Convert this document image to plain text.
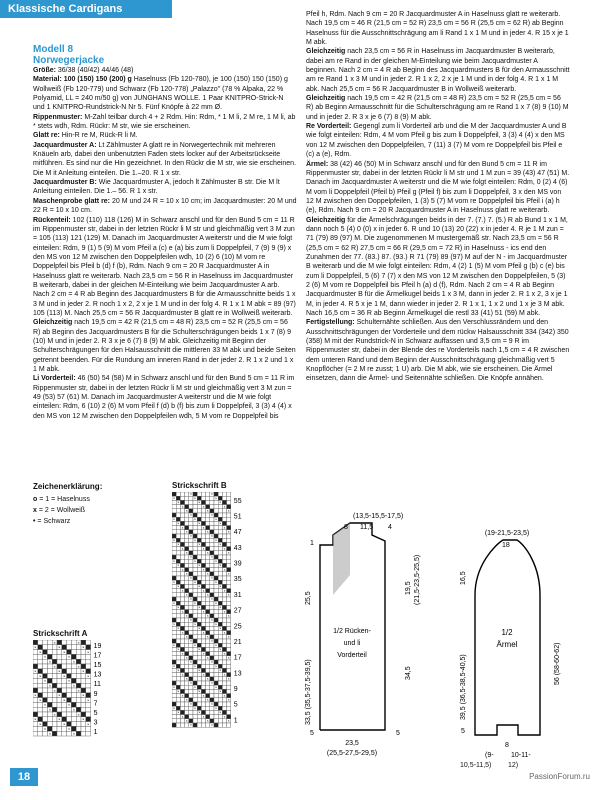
Klassische Cardigans
Modell 8
Norwegerjacke

Größe: 36/38 (40/42) 44/46 (48)

Material: 100 (150) 150 (200) g Haselnuss (Fb 120-780), je 100 (150) 150 (150) g Wollweiß (Fb 120-779) und Schwarz (Fb 120-778) „Palazzo" (78 % Alpaka, 22 % Polyamid, LL = 240 m/50 g) von JUNGHANS WOLLE. 1 Paar KNITPRO-Strick-N und 1 KNITPRO-Rundstrick-N Nr 5. Fünf Knöpfe à 22 mm Ø.

Rippenmuster: M-Zahl teilbar durch 4 + 2 Rdm. Hin: Rdm, * 1 M li, 2 M re, 1 M li, ab * stets wdh, Rdm. Rückr: M str, wie sie erscheinen.

Glatt re: Hin-R re M, Rück-R li M.

Jacquardmuster A: Lt Zählmuster A glatt re in Norwegertechnik mit mehreren Knäueln arb, dabei den unbenutzten Faden stets locker auf der Arbeitsrückseite mitführen. Es sind nur die Hin gezeichnet. In den Rückr die M str, wie sie erscheinen. Die M it Anleitung einteilen. Die 1.–20. R 1 x str.

Jacquardmuster B: Wie Jacquardmuster A, jedoch lt Zählmuster B str. Die M lt Anleitung einteilen. Die 1.– 56. R 1 x str.

Maschenprobe glatt re: 20 M und 24 R = 10 x 10 cm; im Jacquardmuster: 20 M und 22 R = 10 x 10 cm.

Rückenteil: 102 (110) 118 (126) M in Schwarz anschl und für den Bund 5 cm = 11 R im Rippenmuster str, dabei in der letzten Rückr li M str und gleichmäßig vert 3 M zun = 105 (113) 121 (129) M. Danach im Jacquardmuster A weiterstr und die M wie folgt einteilen: Rdm, 9 (1) 5 (9) M vom Pfeil a (c) e (a) bis zum li Doppelpfeil, 7 (9) 9 (9) x den MS von 12 M zwischen den Doppelpfeilen wdh, 10 (2) 6 (10) M vom re Doppelpfeil bis Pfeil b (d) f (b), Rdm. Nach 9 cm = 20 R Jacquardmuster A in Haselnuss glatt re weiterarb. Nach 23,5 cm = 56 R in Haselnuss im Jacquardmuster B weiterarb, dabei in der gleichen M-Einteilung wie beim Jacquardmuster A arb. Nach 2 cm = 4 R ab Beginn des Jacquardmusters B für die Armausschnitte beids 1 x 3 M und in jeder 2. R noch 1 x 2, 2 x je 1 M und in der folg 4. R 1 x 1 M abk = 89 (97) 105 (113) M. Nach 25,5 cm = 56 R Jacquardmuster B glatt re in Wollweiß weiterarb.

Gleichzeitig nach 19,5 cm = 42 R (21,5 cm = 48 R) 23,5 cm = 52 R (25,5 cm = 56 R) ab Beginn des Jacquardmusters B für die Schulterschrägungen beids 1 x 7 (8) 9 (10) M und in jeder 2. R 3 x je 6 (7) 8 (9) M abk. Gleichzeitig mit Beginn der Schulterschrägungen für den Halsausschnitt die mittleren 33 M abk und beide Seiten getrennt beenden. Für die Rundung am inneren Rand in der jeder 2. R 1 x 2 und 1 x 1 M abk.

Li Vorderteil: 46 (50) 54 (58) M in Schwarz anschl und für den Bund 5 cm = 11 R im Rippenmuster str, dabei in der letzten Rückr li M str und gleichmäßig vert 3 M zun = 49 (53) 57 (61) M. Danach im Jacquardmuster A weiterstr und die M wie folgt einteilen: Rdm, 6 (10) 2 (6) M vom Pfeil f (d) b (f) bis zum li Doppelpfeil, 3 (3) 4 (4) x den MS von 12 M zwischen den Doppelpfeilen wdh, 5 M vom re Doppelpfeil bis

Pfeil h, Rdm. Nach 9 cm = 20 R Jacquardmuster A in Haselnuss glatt re weiterarb. Nach 19,5 cm = 46 R (21,5 cm = 52 R) 23,5 cm = 56 R (25,5 cm = 62 R) ab Beginn Haselnuss für die Ausschnittschrägung am li Rand 1 x 1 M und in jeder 4. R 15 x je 1 M abk.

Gleichzeitig nach 23,5 cm = 56 R in Haselnuss im Jacquardmuster B weiterarb, dabei am re Rand in der gleichen M-Einteilung wie beim Jacquardmuster A beginnen. Nach 2 cm = 4 R ab Beginn des Jacquardmusters B für den Armausschnitt am re Rand 1 x 3 M und in jeder 2. R 1 x 2, 2 x je 1 M und in der folg 4. R 1 x 1 M abk. Nach 25,5 cm = 56 R Jacquardmuster B in Wollweiß weiterarb.

Gleichzeitig nach 19,5 cm = 42 R (21,5 cm = 48 R) 23,5 cm = 52 R (25,5 cm = 56 R) ab Beginn Armausschnitt für die Schulterschrägung am re Rand 1 x 7 (8) 9 (10) M und in jeder 2. R 3 x je 6 (7) 8 (9) M abk.

Re Vorderteil: Gegengl zum li Vorderteil arb und die M der Jacquardmuster A und B wie folgt einteilen: Rdm, 4 M vom Pfeil g bis zum li Doppelpfeil, 3 (3) 4 (4) x den MS von 12 M zwischen den Doppelpfeilen, 7 (11) 3 (7) M vom re Doppelpfeil bis Pfeil e (c) a (e), Rdm.

Ärmel: 38 (42) 46 (50) M in Schwarz anschl und für den Bund 5 cm = 11 R im Rippenmuster str, dabei in der letzten Rückr li M str und 1 M zun = 39 (43) 47 (51) M. Danach im Jacquardmuster A weiterstr und die M wie folgt einteilen: Rdm, 0 (2) 4 (6) M vom li Doppelpfeil (Pfeil b) Pfeil g (Pfeil f) bis zum li Doppelpfeil, 3 x den MS von 12 M zwischen den Doppelpfeilen, 1 (3) 5 (7) M vom re Doppelpfeil bis Pfeil i (a) h (e), Rdm. Nach 9 cm = 20 R Jacquardmuster A in Haselnuss glatt re weiterarb.

Gleichzeitig für die Ärmelschrägungen beids in der 7. (7.) 7. (5.) R ab Bund 1 x 1 M, dann noch 5 (4) 0 (0) x in jeder 6. R und 10 (13) 20 (22) x in jeder 4. R je 1 M zun = 71 (79) 89 (97) M. Die zugenommenen M mustergemäß str. Nach 23,5 cm = 56 R (25,5 cm = 62 R) 27,5 cm = 66 R (29,5 cm = 72 R) in Haselnuss - ics end den Zunahmen der 77. (83.) 87. (93.) R 71 (79) 89 (97) M auf der N - im Jacquardmuster B weiterarb und die M wie folgt einteilen: Rdm, 4 (2) 1 (5) M vom Pfeil g (b) c (e) bis zum li Doppelpfeil, 5 (6) 7 (7) x den MS von 12 M zwischen den Doppelpfeilen, 5 (3) 2 (6) M vom re Doppelpfeil bis Pfeil h (a) d (f), Rdm. Nach 2 cm = 4 R ab Beginn Jacquardmuster B für die Ärmelkugel beids 1 x 3 M, dann in jeder 2. R 1 x 2, 3 x je 1 M, in jeder 4. R 5 x je 1 M, dann wieder in jeder 2. R 1 x 1, 1 x 2 und 1 x je 3 M abk. Nach 16,5 cm = 36 R ab Beginn Ärmelkugel die restl 33 (41) 51 (59) M abk.

Fertigstellung: Schulternähte schließen. Aus den Verschlussrändern und den Ausschnittschrägungen der Vorderteile und dem rückw Halsausschnitt 334 (342) 350 (358) M mit der Rundstrick-N in Schwarz auffassen und 3,5 cm = 9 R im Rippenmuster str, dabei in der Blende des re Vorderteils nach 1,5 cm = 4 R zwischen dem unteren Rand und dem Beginn der Ausschnittschrägung gleichmäßig vert 5 Knopflöcher (= 2 M re zusst; 1 U) arb. Die M abk, wie sie erscheinen. Die Ärmel einsetzen, dann die Ärmel- und Seitennähte schließen. Die Knöpfe annähen.

Zeichenerklärung:
o = 1 = Haselnuss
x = 2 = Wollweiß
• = Schwarz
Strickschrift A
×	×
×	×	×
×	×	×
×	×
×	×
×	×
×	×	×
×	×	×
×	×
×	×
×	×
×	×	×
×	×	×
×	×
×	×
×	×
×	×	×
×	×	×
×	×
×	×
19
17
15
13
11
9
7
5
3
1
Strickschrift B
×	×
×	×	×
×	×	×
×	×	×
×	×	×
×	×
×	×	×
×	×	×
×	×	×
×	×	×
×	×
×	×	×
×	×	×
×	×	×
×	×	×
×	×
×	×	×
×	×	×
×	×	×
×	×	×
×	×
×	×	×
×	×	×
×	×	×
×	×	×
×	×
×	×	×
×	×	×
×	×	×
×	×	×
×	×
×	×	×
×	×	×
×	×	×
×	×	×
×	×
×	×	×
×	×	×
×	×	×
×	×	×
×	×
×	×	×
×	×	×
×	×	×
×	×	×
×	×
×	×	×
×	×	×
×	×	×
×	×	×
×	×
×	×	×
×	×	×
×	×	×
×	×	×
×	×
55
51
47
43
39
35
31
27
25
21
17
13
9
5
1
(13,5-15,5-17,5)
8 11,5 4
1
25,5
33,5 (35,5-37,5-39,5)
19,5 (21,5-23,5-25,5)
34,5
5	5
1/2 Rücken-
und li
Vorderteil
23,5
(25,5-27,5-29,5)
(19-21,5-23,5)
18
16,5
39,5 (36,5-38,5-40,5)
5
56 (58-60-62)
1/2
Ärmel
8
(9- 10-11-
10,5-11,5) 12)
18	PassionForum.ru
